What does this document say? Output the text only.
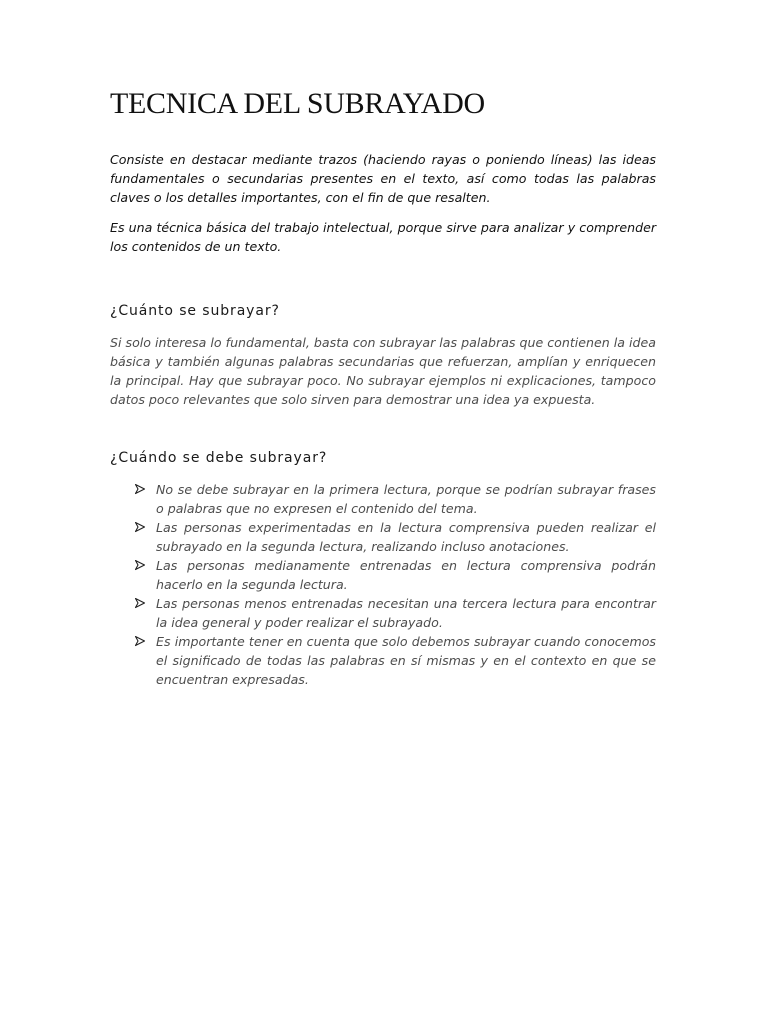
TECNICA DEL SUBRAYADO

Consiste en destacar mediante trazos (haciendo rayas o poniendo líneas) las ideas fundamentales o secundarias presentes en el texto, así como todas las palabras claves o los detalles importantes, con el fin de que resalten.

Es una técnica básica del trabajo intelectual, porque sirve para analizar y comprender los contenidos de un texto.

¿Cuánto se subrayar?

Si solo interesa lo fundamental, basta con subrayar las palabras que contienen la idea básica y también algunas palabras secundarias que refuerzan, amplían y enriquecen la principal. Hay que subrayar poco. No subrayar ejemplos ni explicaciones, tampoco datos poco relevantes que solo sirven para demostrar una idea ya expuesta.

¿Cuándo se debe subrayar?
No se debe subrayar en la primera lectura, porque se podrían subrayar frases o palabras que no expresen el contenido del tema.
Las personas experimentadas en la lectura comprensiva pueden realizar el subrayado en la segunda lectura, realizando incluso anotaciones.
Las personas medianamente entrenadas en lectura comprensiva podrán hacerlo en la segunda lectura.
Las personas menos entrenadas necesitan una tercera lectura para encontrar la idea general y poder realizar el subrayado.
Es importante tener en cuenta que solo debemos subrayar cuando conocemos el significado de todas las palabras en sí mismas y en el contexto en que se encuentran expresadas.
